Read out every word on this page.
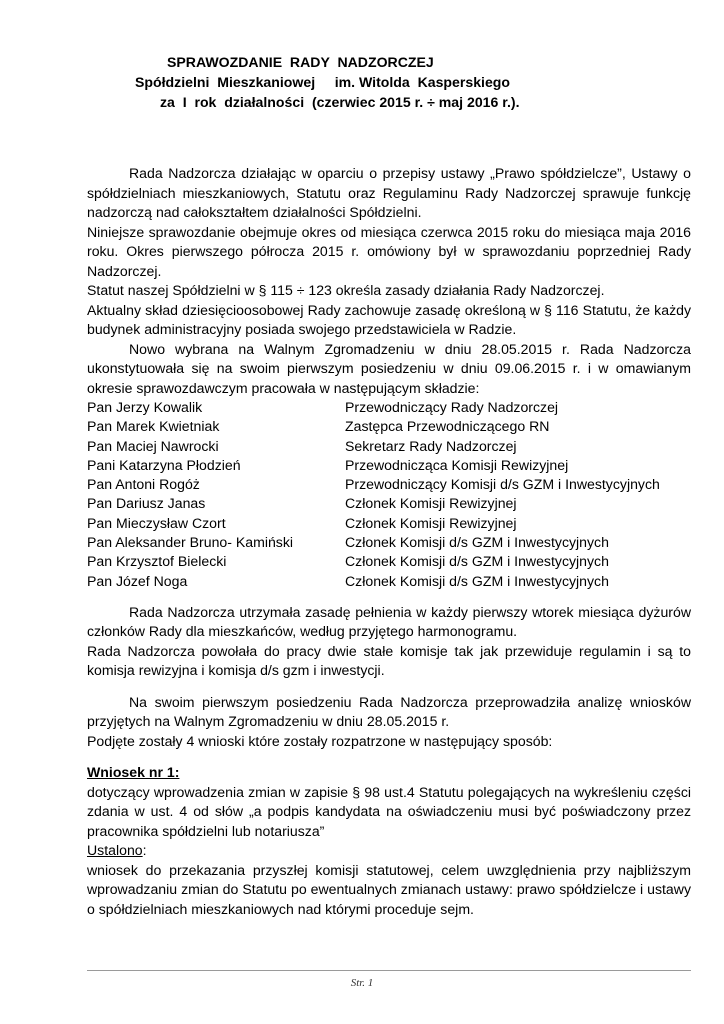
SPRAWOZDANIE  RADY  NADZORCZEJ
Spółdzielni  Mieszkaniowej     im. Witolda  Kasperskiego
za  I  rok  działalności  (czerwiec 2015 r. ÷ maj 2016 r.).

Rada Nadzorcza działając w oparciu o przepisy ustawy „Prawo spółdzielcze”, Ustawy o spółdzielniach mieszkaniowych, Statutu oraz Regulaminu Rady Nadzorczej sprawuje funkcję nadzorczą nad całokształtem działalności Spółdzielni.

Niniejsze sprawozdanie obejmuje okres od miesiąca czerwca 2015 roku do miesiąca maja 2016 roku. Okres pierwszego półrocza 2015 r. omówiony był w sprawozdaniu poprzedniej Rady Nadzorczej.

Statut naszej Spółdzielni w § 115 ÷ 123 określa zasady działania Rady Nadzorczej.

Aktualny skład dziesięcioosobowej Rady zachowuje zasadę określoną w § 116 Statutu, że każdy budynek administracyjny posiada swojego przedstawiciela w Radzie.

Nowo wybrana na Walnym Zgromadzeniu w dniu 28.05.2015 r. Rada Nadzorcza ukonstytuowała się na swoim pierwszym posiedzeniu w dniu 09.06.2015 r. i w omawianym okresie sprawozdawczym pracowała w następującym składzie:

Pan Jerzy Kowalik	Przewodniczący Rady Nadzorczej
Pan Marek Kwietniak	Zastępca Przewodniczącego RN
Pan Maciej Nawrocki	Sekretarz Rady Nadzorczej
Pani Katarzyna Płodzień	Przewodnicząca Komisji Rewizyjnej
Pan Antoni Rogóż	Przewodniczący Komisji d/s GZM i Inwestycyjnych
Pan Dariusz Janas	Członek Komisji Rewizyjnej
Pan Mieczysław Czort	Członek Komisji Rewizyjnej
Pan Aleksander Bruno- Kamiński	Członek Komisji d/s GZM i Inwestycyjnych
Pan Krzysztof Bielecki	Członek Komisji d/s GZM i Inwestycyjnych
Pan Józef Noga	Członek Komisji d/s GZM i Inwestycyjnych

Rada Nadzorcza utrzymała zasadę pełnienia w każdy pierwszy wtorek miesiąca dyżurów członków Rady dla mieszkańców, według przyjętego harmonogramu.

Rada Nadzorcza powołała do pracy dwie stałe komisje tak jak przewiduje regulamin i są to komisja rewizyjna i komisja d/s gzm i inwestycji.

Na swoim pierwszym posiedzeniu Rada Nadzorcza przeprowadziła analizę wniosków przyjętych na Walnym Zgromadzeniu w dniu 28.05.2015 r.

Podjęte zostały 4 wnioski które zostały rozpatrzone w następujący sposób:

Wniosek nr 1:

dotyczący wprowadzenia zmian w zapisie § 98 ust.4 Statutu polegających na wykreśleniu części zdania w ust. 4 od słów „a podpis kandydata na oświadczeniu musi być poświadczony przez pracownika spółdzielni lub notariusza”

Ustalono:

wniosek do przekazania przyszłej komisji statutowej, celem uwzględnienia przy najbliższym wprowadzaniu zmian do Statutu po ewentualnych zmianach ustawy: prawo spółdzielcze i ustawy o spółdzielniach mieszkaniowych nad którymi proceduje sejm.

Str. 1
